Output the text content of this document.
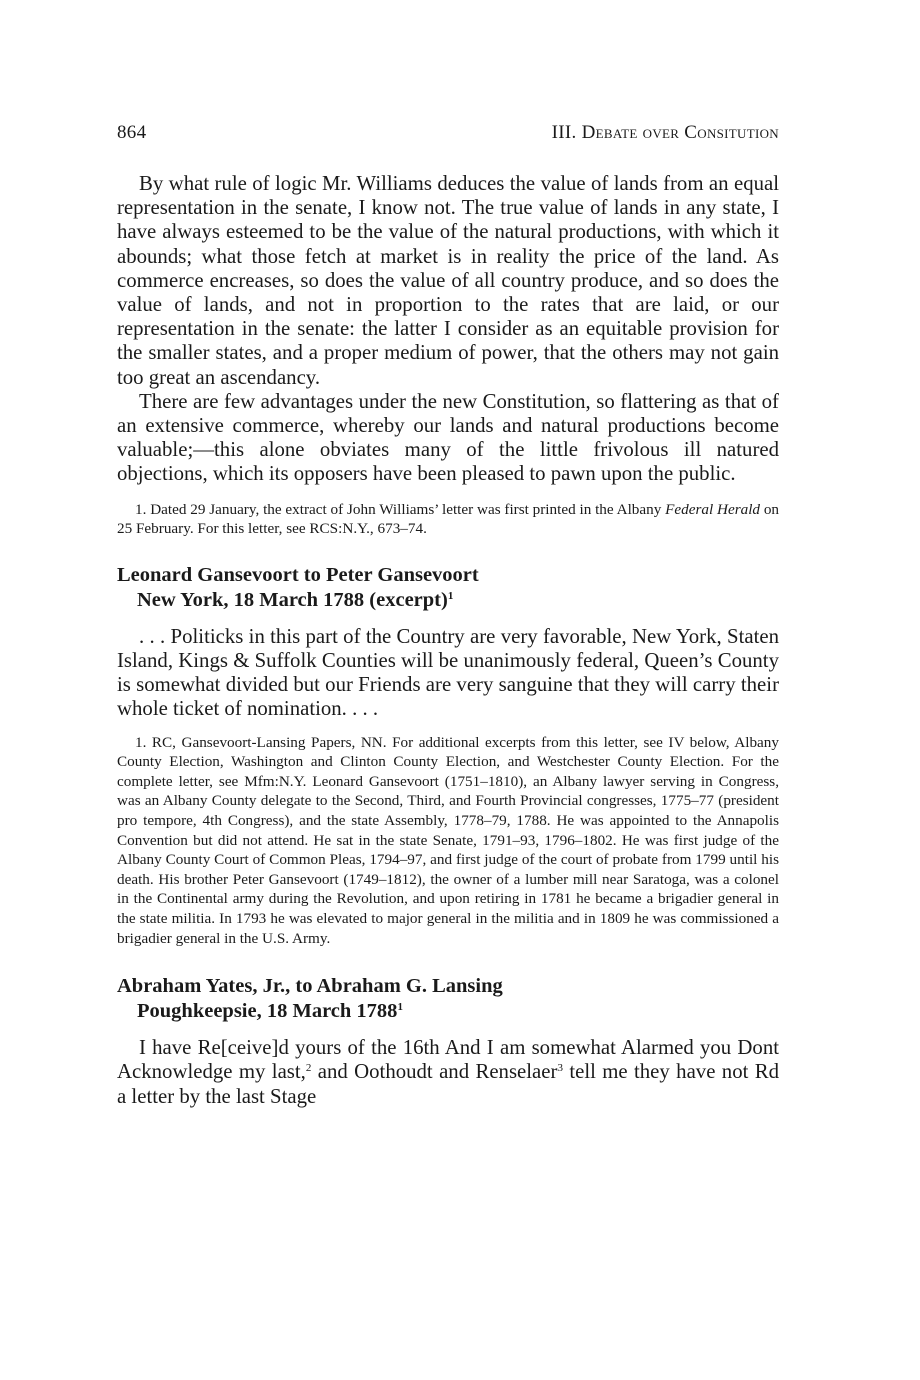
864	III. Debate over Consitution

By what rule of logic Mr. Williams deduces the value of lands from an equal representation in the senate, I know not. The true value of lands in any state, I have always esteemed to be the value of the natural productions, with which it abounds; what those fetch at market is in reality the price of the land. As commerce encreases, so does the value of all country produce, and so does the value of lands, and not in proportion to the rates that are laid, or our representation in the senate: the latter I consider as an equitable provision for the smaller states, and a proper medium of power, that the others may not gain too great an ascendancy.

There are few advantages under the new Constitution, so flattering as that of an extensive commerce, whereby our lands and natural productions become valuable;—this alone obviates many of the little frivolous ill natured objections, which its opposers have been pleased to pawn upon the public.

1. Dated 29 January, the extract of John Williams’ letter was first printed in the Albany Federal Herald on 25 February. For this letter, see RCS:N.Y., 673–74.

Leonard Gansevoort to Peter Gansevoort
New York, 18 March 1788 (excerpt)$^1$

. . . Politicks in this part of the Country are very favorable, New York, Staten Island, Kings & Suffolk Counties will be unanimously federal, Queen’s County is somewhat divided but our Friends are very sanguine that they will carry their whole ticket of nomination. . . .

1. RC, Gansevoort-Lansing Papers, NN. For additional excerpts from this letter, see IV below, Albany County Election, Washington and Clinton County Election, and Westchester County Election. For the complete letter, see Mfm:N.Y. Leonard Gansevoort (1751–1810), an Albany lawyer serving in Congress, was an Albany County delegate to the Second, Third, and Fourth Provincial congresses, 1775–77 (president pro tempore, 4th Congress), and the state Assembly, 1778–79, 1788. He was appointed to the Annapolis Convention but did not attend. He sat in the state Senate, 1791–93, 1796–1802. He was first judge of the Albany County Court of Common Pleas, 1794–97, and first judge of the court of probate from 1799 until his death. His brother Peter Gansevoort (1749–1812), the owner of a lumber mill near Saratoga, was a colonel in the Continental army during the Revolution, and upon retiring in 1781 he became a brigadier general in the state militia. In 1793 he was elevated to major general in the militia and in 1809 he was commissioned a brigadier general in the U.S. Army.

Abraham Yates, Jr., to Abraham G. Lansing
Poughkeepsie, 18 March 1788$^1$

I have Re[ceive]d yours of the 16th And I am somewhat Alarmed you Dont Acknowledge my last,$^2$ and Oothoudt and Renselaer$^3$ tell me they have not Rd a letter by the last Stage
